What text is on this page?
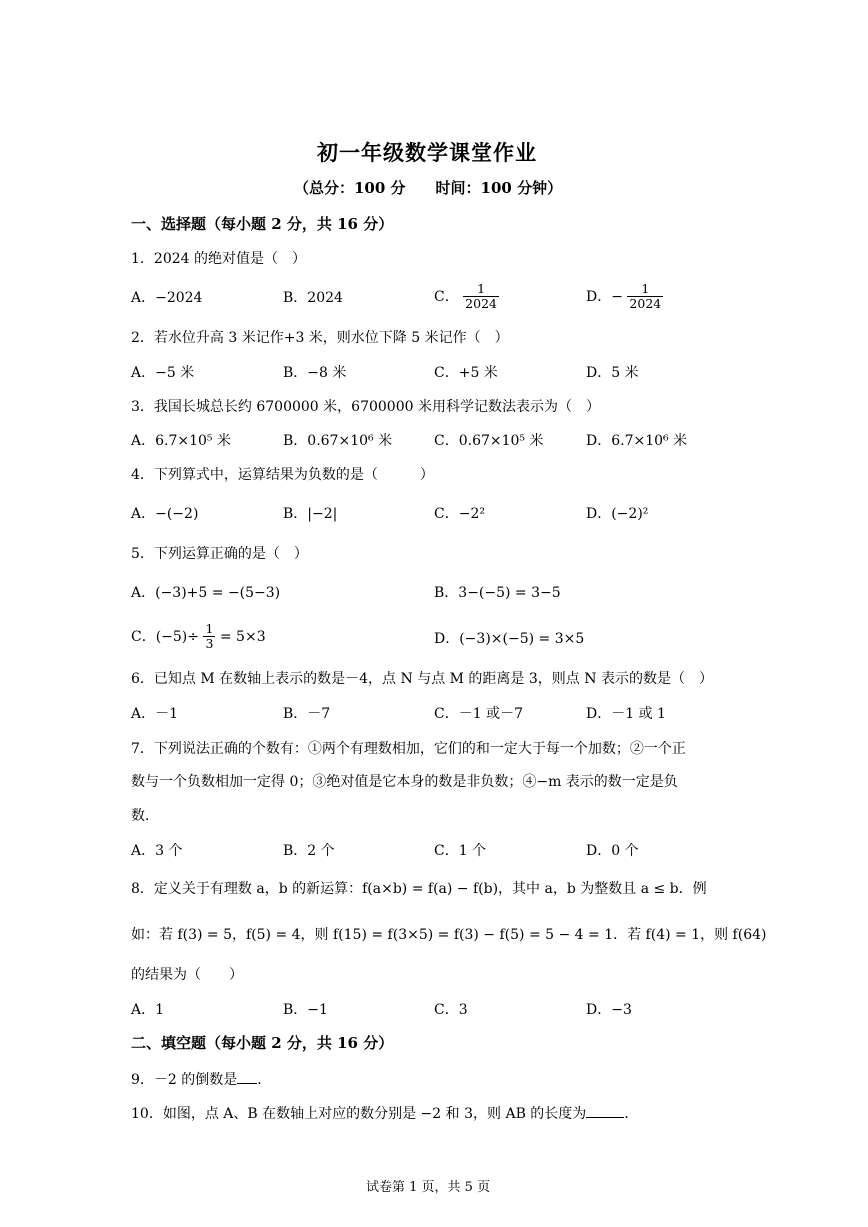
初一年级数学课堂作业
（总分：100 分　　时间：100 分钟）
一、选择题（每小题 2 分，共 16 分）
1．2024 的绝对值是（　）
A．−2024	B．2024	C． $\frac{1}{2024}$	D．− $\frac{1}{2024}$
2．若水位升高 3 米记作+3 米，则水位下降 5 米记作（　）
A．−5 米	B．−8 米	C．+5 米	D．5 米
3．我国长城总长约 6700000 米，6700000 米用科学记数法表示为（　）
A．6.7×10⁵ 米	B．0.67×10⁶ 米	C．0.67×10⁵ 米	D．6.7×10⁶ 米
4．下列算式中，运算结果为负数的是（　　　）
A．−(−2)	B．|−2|	C．−2²	D．(−2)²
5．下列运算正确的是（　）
A．(−3)+5 = −(5−3)	B．3−(−5) = 3−5
C．$(-5)\div \frac{1}{3} = 5\times 3$	D．(−3)×(−5) = 3×5
6．已知点 M 在数轴上表示的数是－4，点 N 与点 M 的距离是 3，则点 N 表示的数是（　）
A．－1	B．－7	C．－1 或－7	D．－1 或 1
7．下列说法正确的个数有：①两个有理数相加，它们的和一定大于每一个加数；②一个正
数与一个负数相加一定得 0；③绝对值是它本身的数是非负数；④−m 表示的数一定是负
数．
A．3 个	B．2 个	C．1 个	D．0 个
8．定义关于有理数 a，b 的新运算：f(a×b) = f(a) − f(b)，其中 a，b 为整数且 a ≤ b．例
如：若 f(3) = 5，f(5) = 4，则 f(15) = f(3×5) = f(3) − f(5) = 5 − 4 = 1．若 f(4) = 1，则 f(64)
的结果为（　　）
A．1	B．−1	C．3	D．−3
二、填空题（每小题 2 分，共 16 分）
9．－2 的倒数是 ．
10．如图，点 A、B 在数轴上对应的数分别是 −2 和 3，则 AB 的长度为	．
试卷第 1 页，共 5 页
